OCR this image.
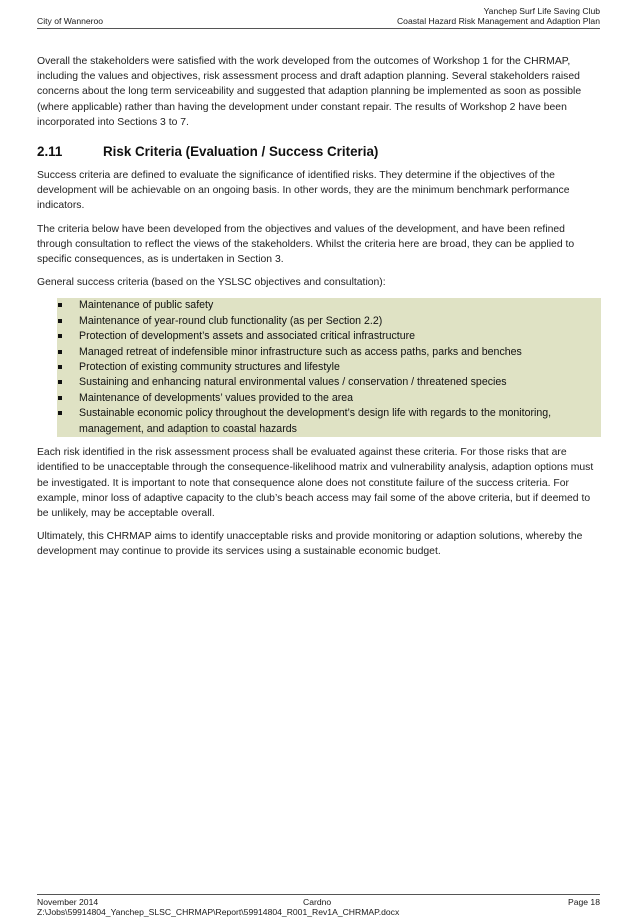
City of Wanneroo
Yanchep Surf Life Saving Club
Coastal Hazard Risk Management and Adaption Plan

Overall the stakeholders were satisfied with the work developed from the outcomes of Workshop 1 for the CHRMAP, including the values and objectives, risk assessment process and draft adaption planning. Several stakeholders raised concerns about the long term serviceability and suggested that adaption planning be implemented as soon as possible (where applicable) rather than having the development under constant repair. The results of Workshop 2 have been incorporated into Sections 3 to 7.

2.11	Risk Criteria (Evaluation / Success Criteria)

Success criteria are defined to evaluate the significance of identified risks. They determine if the objectives of the development will be achievable on an ongoing basis. In other words, they are the minimum benchmark performance indicators.

The criteria below have been developed from the objectives and values of the development, and have been refined through consultation to reflect the views of the stakeholders. Whilst the criteria here are broad, they can be applied to specific consequences, as is undertaken in Section 3.

General success criteria (based on the YSLSC objectives and consultation):

Maintenance of public safety
Maintenance of year-round club functionality (as per Section 2.2)
Protection of development’s assets and associated critical infrastructure
Managed retreat of indefensible minor infrastructure such as access paths, parks and benches
Protection of existing community structures and lifestyle
Sustaining and enhancing natural environmental values / conservation / threatened species
Maintenance of developments’ values provided to the area
Sustainable economic policy throughout the development’s design life with regards to the monitoring, management, and adaption to coastal hazards

Each risk identified in the risk assessment process shall be evaluated against these criteria. For those risks that are identified to be unacceptable through the consequence-likelihood matrix and vulnerability analysis, adaption options must be investigated. It is important to note that consequence alone does not constitute failure of the success criteria. For example, minor loss of adaptive capacity to the club’s beach access may fail some of the above criteria, but if deemed to be unlikely, may be acceptable overall.

Ultimately, this CHRMAP aims to identify unacceptable risks and provide monitoring or adaption solutions, whereby the development may continue to provide its services using a sustainable economic budget.

November 2014	Cardno	Page 18
Z:\Jobs\59914804_Yanchep_SLSC_CHRMAP\Report\59914804_R001_Rev1A_CHRMAP.docx
